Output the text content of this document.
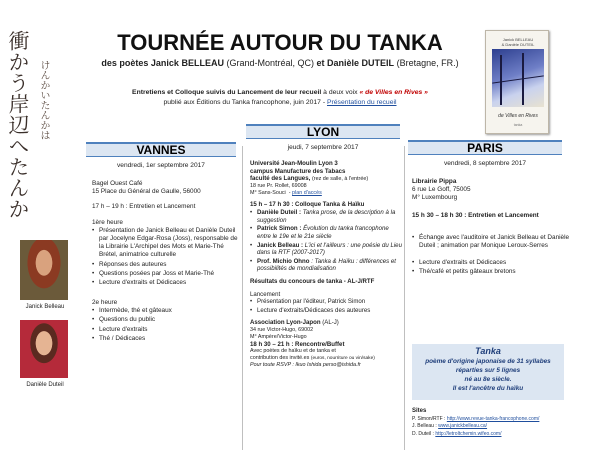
衝かう岸辺へたんか けんかいたんかは
Janick Belleau
Danièle Duteil
Janick BELLEAU
& Danièle DUTEIL
de Villes en Rives
tanka
TOURNÉE AUTOUR DU TANKA
des poètes Janick BELLEAU (Grand-Montréal, QC) et Danièle DUTEIL (Bretagne, FR.)
Entretiens et Colloque suivis du Lancement de leur recueil à deux voix « de Villes en Rives »
publié aux Éditions du Tanka francophone, juin 2017 - Présentation du recueil
VANNES
LYON
PARIS
vendredi, 1er septembre 2017
Bagel Ouest Café
15 Place du Général de Gaulle, 56000
17 h – 19 h : Entretien et Lancement
1ère heure
• Présentation de Janick Belleau et Danièle Duteil par Jocelyne Edgar-Rosa (Joss), responsable de la Librairie L'Archipel des Mots et Marie-Thé Brétel, animatrice culturelle
• Réponses des auteures
• Questions posées par Joss et Marie-Thé
• Lecture d'extraits et Dédicaces
2e heure
• Intermède, thé et gâteaux
• Questions du public
• Lecture d'extraits
• Thé / Dédicaces
jeudi, 7 septembre 2017
Université Jean-Moulin Lyon 3
campus Manufacture des Tabacs
faculté des Langues, (rez de salle, à l'entrée)
18 rue Pr. Rollet, 69008
M° Sans-Souci  - plan d'accès
15 h – 17 h 30 : Colloque Tanka & Haïku
• Danièle Duteil : Tanka prose, de la description à la suggestion
• Patrick Simon : Évolution du tanka francophone entre le 19e et le 21e siècle
• Janick Belleau : L'ici et l'ailleurs : une poésie du Lieu dans la RTF (2007-2017)
• Prof. Michio Ohno : Tanka & Haïku : différences et possibilités de mondialisation
Résultats du concours de tanka - AL-J/RTF
Lancement
• Présentation par l'éditeur, Patrick Simon
• Lecture d'extraits/Dédicaces des auteures
Association Lyon-Japon (AL-J)
34 rue Victor-Hugo, 69002
M° Ampère/Victor-Hugo
18 h 30 – 21 h : Rencontre/Buffet
Avec poètes de haïku et de tanka et
contribution des invité.es (euros, nourriture ou vin/sake)
Pour toute RSVP : Ikuo Ishida perso@ishida.fr
vendredi, 8 septembre 2017
Librairie Pippa
6 rue Le Goff, 75005
M° Luxembourg
15 h 30 – 18 h 30 : Entretien et Lancement
• Échange avec l'auditoire et Janick Belleau et Danièle Duteil ; animation par Monique Leroux-Serres
• Lecture d'extraits et Dédicaces
• Thé/café et petits gâteaux bretons
Tanka
poème d'origine japonaise de 31 syllabes
réparties sur 5 lignes
né au 8e siècle.
Il est l'ancêtre du haïku
Sites
P. Simon/RTF : http://www.revue-tanka-francophone.com/
J. Belleau : www.janickbelleau.ca/
D. Duteil : http://letroltchemin.wifeo.com/
